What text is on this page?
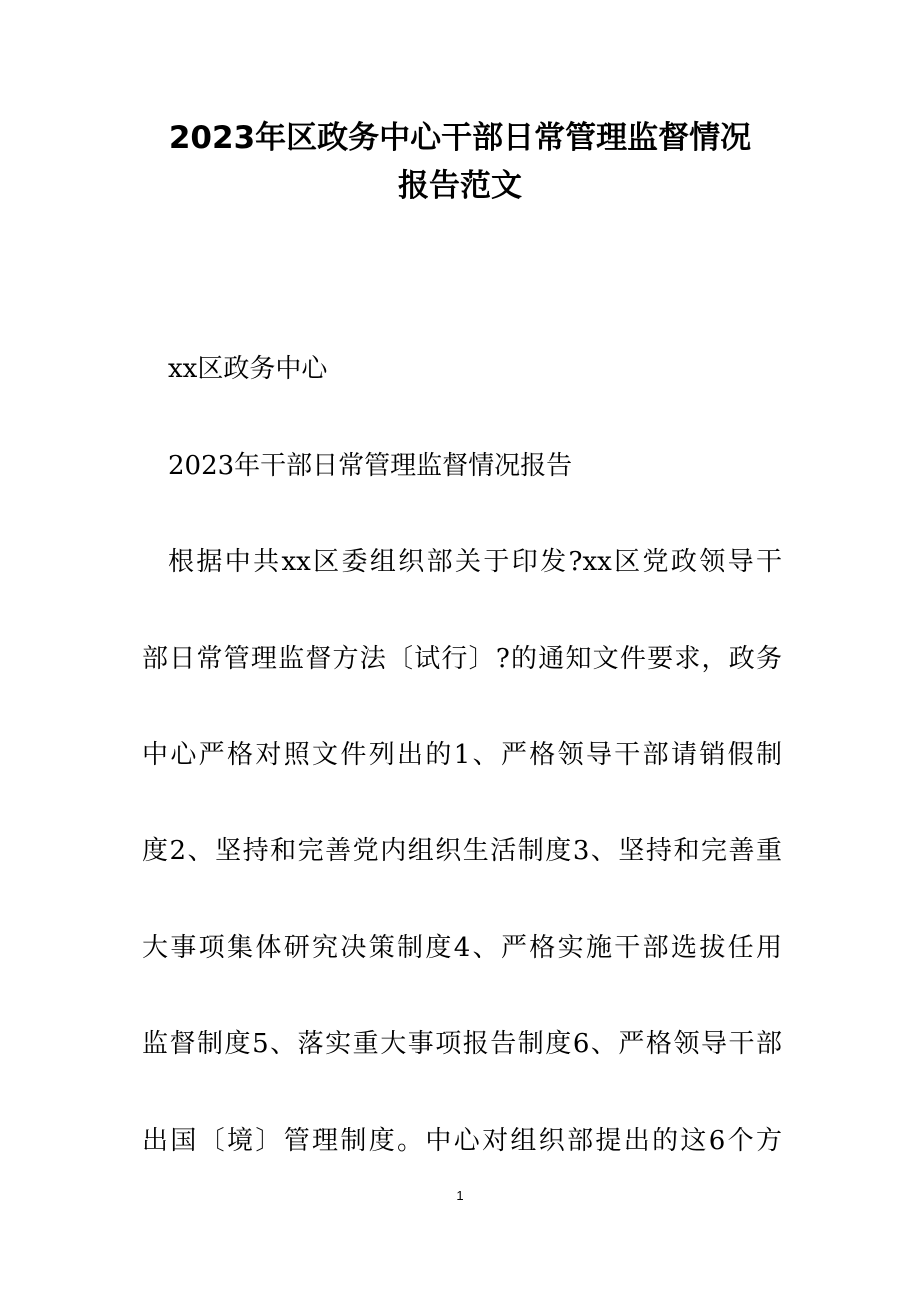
2023年区政务中心干部日常管理监督情况
报告范文

xx区政务中心

2023年干部日常管理监督情况报告

根据中共xx区委组织部关于印发?xx区党政领导干

部日常管理监督方法〔试行〕?的通知文件要求，政务

中心严格对照文件列出的1、严格领导干部请销假制

度2、坚持和完善党内组织生活制度3、坚持和完善重

大事项集体研究决策制度4、严格实施干部选拔任用

监督制度5、落实重大事项报告制度6、严格领导干部

出国〔境〕管理制度。中心对组织部提出的这6个方

1
